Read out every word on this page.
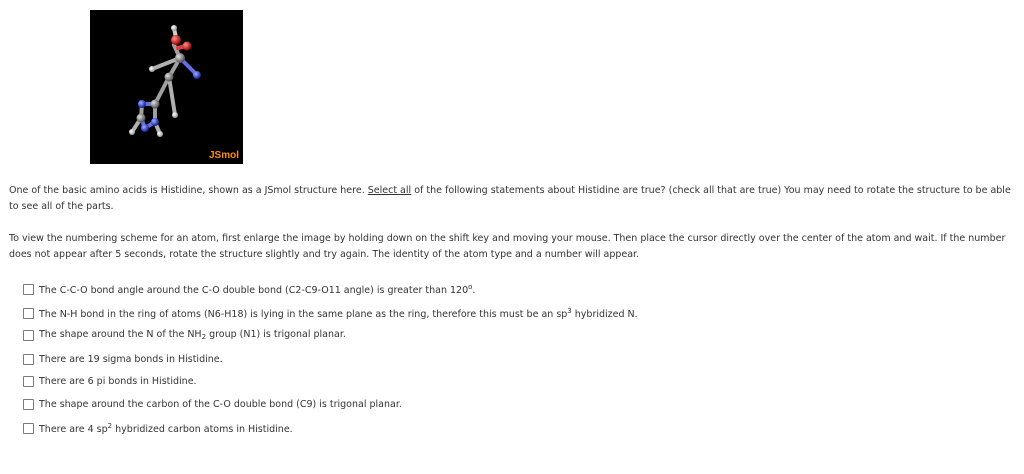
JSmol

One of the basic amino acids is Histidine, shown as a JSmol structure here. Select all of the following statements about Histidine are true? (check all that are true) You may need to rotate the structure to be able to see all of the parts.

To view the numbering scheme for an atom, first enlarge the image by holding down on the shift key and moving your mouse. Then place the cursor directly over the center of the atom and wait. If the number does not appear after 5 seconds, rotate the structure slightly and try again. The identity of the atom type and a number will appear.

The C-C-O bond angle around the C-O double bond (C2-C9-O11 angle) is greater than 120$^o$.
The N-H bond in the ring of atoms (N6-H18) is lying in the same plane as the ring, therefore this must be an $sp^3$ hybridized N.
The shape around the N of the $NH_2$ group (N1) is trigonal planar.
There are 19 sigma bonds in Histidine.
There are 6 pi bonds in Histidine.
The shape around the carbon of the C-O double bond (C9) is trigonal planar.
There are 4 $sp^2$ hybridized carbon atoms in Histidine.
